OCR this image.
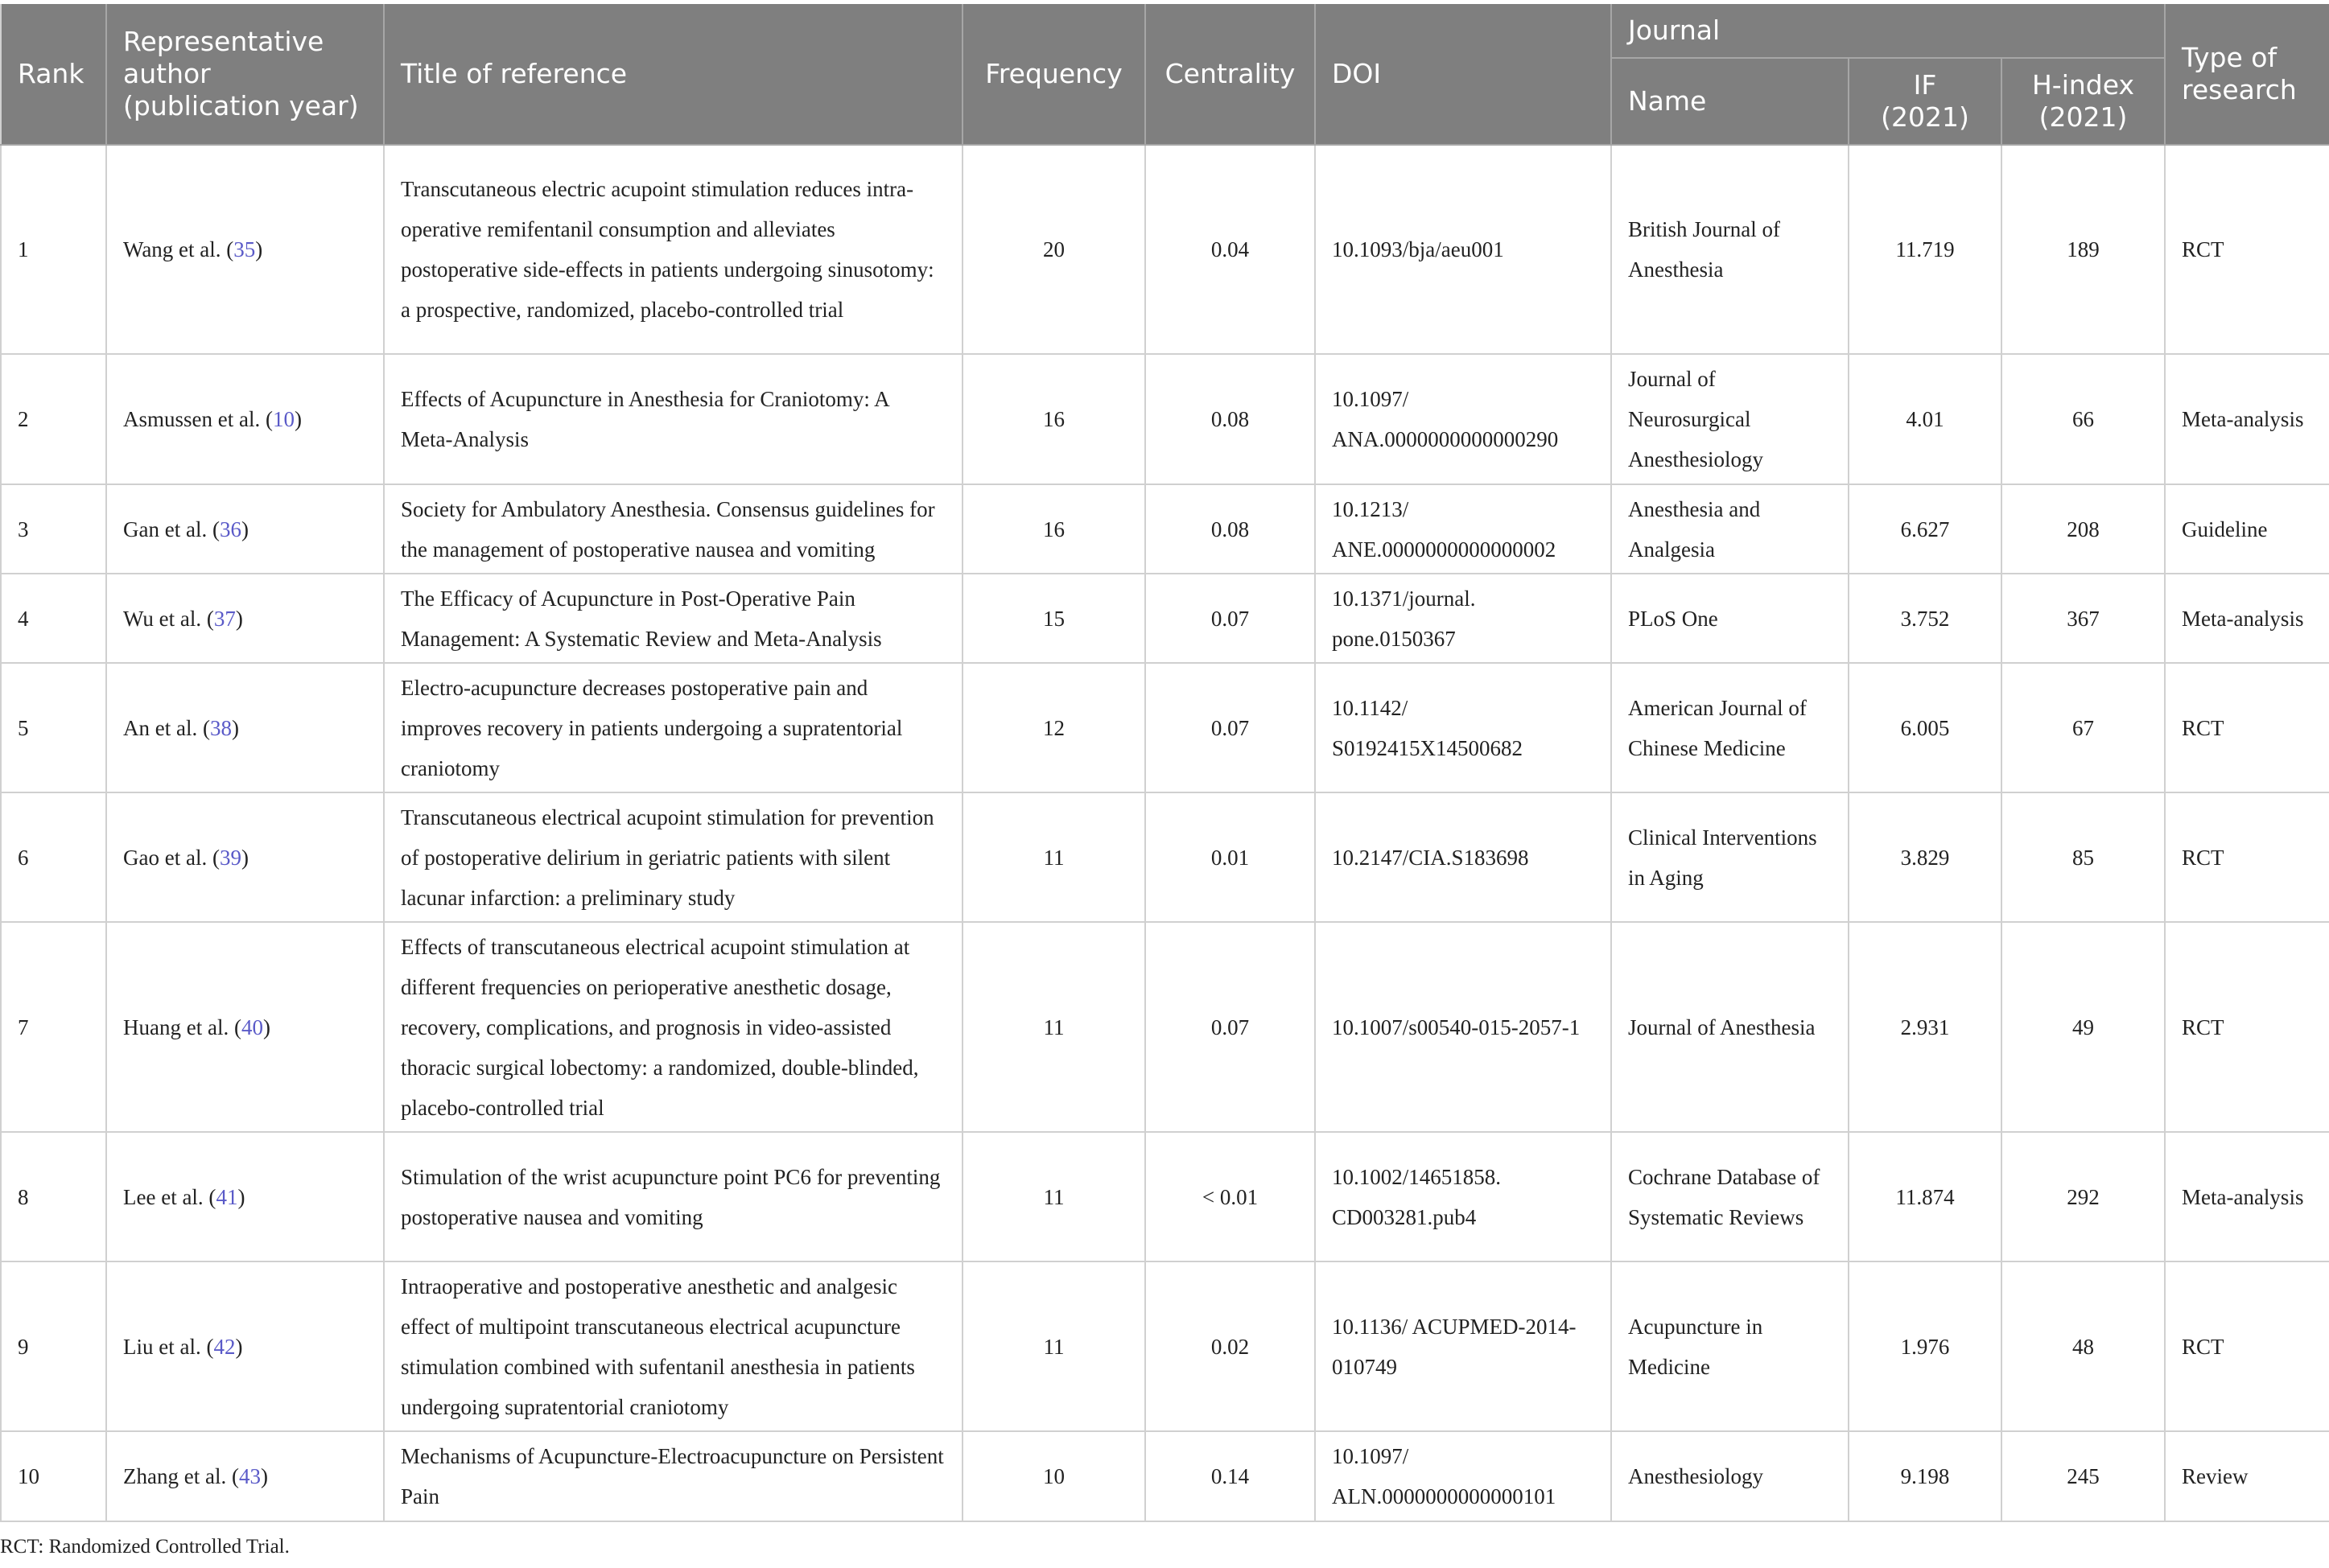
Rank	Representative author (publication year)	Title of reference	Frequency	Centrality	DOI	Journal			Type of research
						Name	IF (2021)	H-index (2021)	
1	Wang et al. (35)	Transcutaneous electric acupoint stimulation reduces intra-operative remifentanil consumption and alleviates postoperative side-effects in patients undergoing sinusotomy: a prospective, randomized, placebo-controlled trial	20	0.04	10.1093/bja/aeu001	British Journal of Anesthesia	11.719	189	RCT
2	Asmussen et al. (10)	Effects of Acupuncture in Anesthesia for Craniotomy: A Meta-Analysis	16	0.08	10.1097/ ANA.0000000000000290	Journal of Neurosurgical Anesthesiology	4.01	66	Meta-analysis
3	Gan et al. (36)	Society for Ambulatory Anesthesia. Consensus guidelines for the management of postoperative nausea and vomiting	16	0.08	10.1213/ ANE.0000000000000002	Anesthesia and Analgesia	6.627	208	Guideline
4	Wu et al. (37)	The Efficacy of Acupuncture in Post-Operative Pain Management: A Systematic Review and Meta-Analysis	15	0.07	10.1371/journal. pone.0150367	PLoS One	3.752	367	Meta-analysis
5	An et al. (38)	Electro-acupuncture decreases postoperative pain and improves recovery in patients undergoing a supratentorial craniotomy	12	0.07	10.1142/ S0192415X14500682	American Journal of Chinese Medicine	6.005	67	RCT
6	Gao et al. (39)	Transcutaneous electrical acupoint stimulation for prevention of postoperative delirium in geriatric patients with silent lacunar infarction: a preliminary study	11	0.01	10.2147/CIA.S183698	Clinical Interventions in Aging	3.829	85	RCT
7	Huang et al. (40)	Effects of transcutaneous electrical acupoint stimulation at different frequencies on perioperative anesthetic dosage, recovery, complications, and prognosis in video-assisted thoracic surgical lobectomy: a randomized, double-blinded, placebo-controlled trial	11	0.07	10.1007/s00540-015-2057-1	Journal of Anesthesia	2.931	49	RCT
8	Lee et al. (41)	Stimulation of the wrist acupuncture point PC6 for preventing postoperative nausea and vomiting	11	< 0.01	10.1002/14651858. CD003281.pub4	Cochrane Database of Systematic Reviews	11.874	292	Meta-analysis
9	Liu et al. (42)	Intraoperative and postoperative anesthetic and analgesic effect of multipoint transcutaneous electrical acupuncture stimulation combined with sufentanil anesthesia in patients undergoing supratentorial craniotomy	11	0.02	10.1136/ ACUPMED-2014-010749	Acupuncture in Medicine	1.976	48	RCT
10	Zhang et al. (43)	Mechanisms of Acupuncture-Electroacupuncture on Persistent Pain	10	0.14	10.1097/ ALN.0000000000000101	Anesthesiology	9.198	245	Review
RCT: Randomized Controlled Trial.
